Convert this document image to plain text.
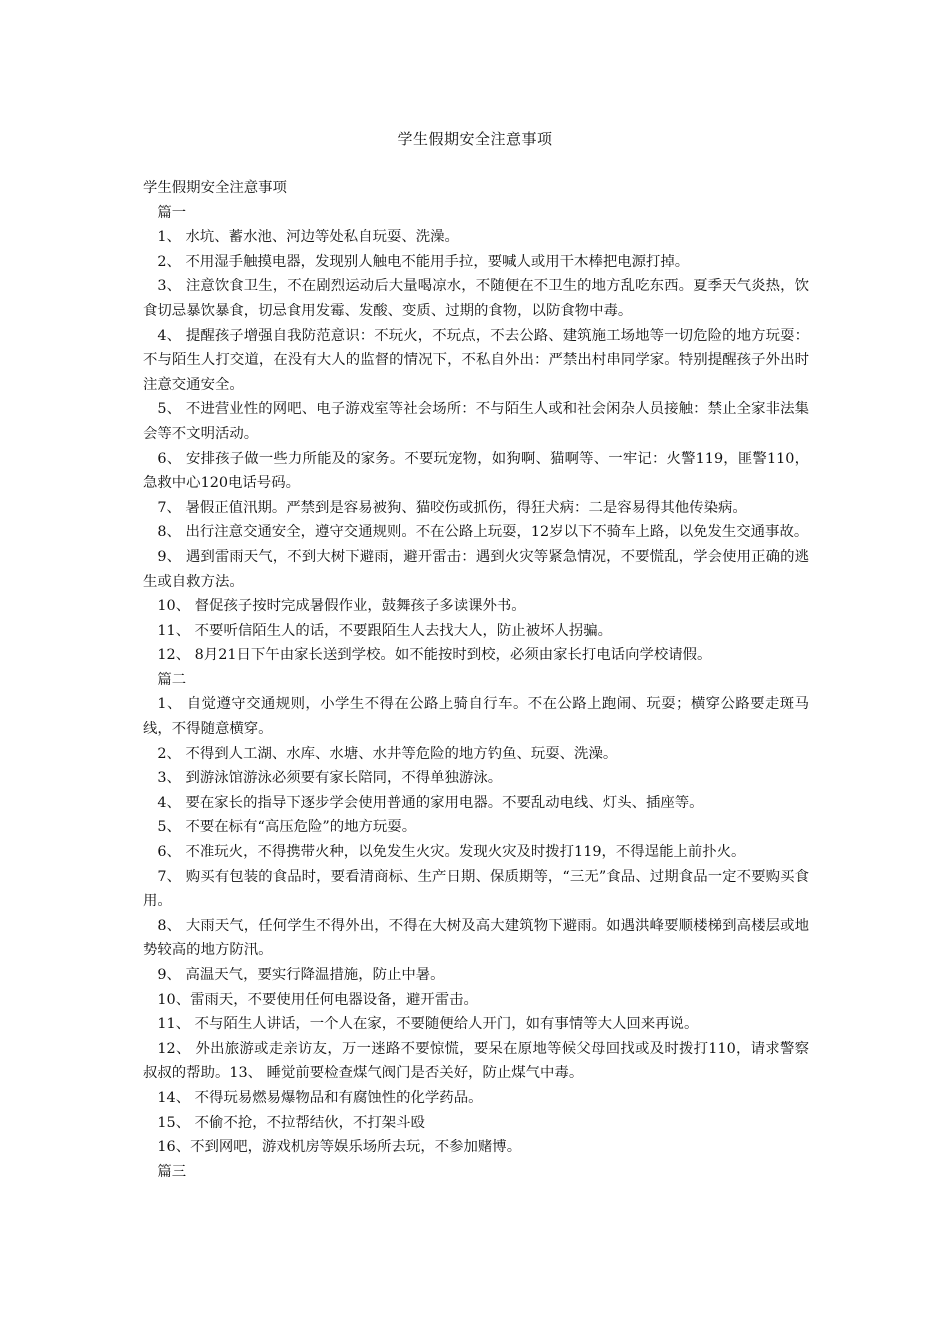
学生假期安全注意事项

学生假期安全注意事项

篇一

1、 水坑、蓄水池、河边等处私自玩耍、洗澡。

2、 不用湿手触摸电器，发现别人触电不能用手拉，要喊人或用干木棒把电源打掉。

3、 注意饮食卫生，不在剧烈运动后大量喝凉水，不随便在不卫生的地方乱吃东西。夏季天气炎热，饮食切忌暴饮暴食，切忌食用发霉、发酸、变质、过期的食物，以防食物中毒。

4、 提醒孩子增强自我防范意识：不玩火，不玩点，不去公路、建筑施工场地等一切危险的地方玩耍：不与陌生人打交道，在没有大人的监督的情况下，不私自外出：严禁出村串同学家。特别提醒孩子外出时注意交通安全。

5、 不进营业性的网吧、电子游戏室等社会场所：不与陌生人或和社会闲杂人员接触：禁止全家非法集会等不文明活动。

6、 安排孩子做一些力所能及的家务。不要玩宠物，如狗啊、猫啊等、一牢记：火警119，匪警110，急救中心120电话号码。

7、 暑假正值汛期。严禁到是容易被狗、猫咬伤或抓伤，得狂犬病：二是容易得其他传染病。

8、 出行注意交通安全，遵守交通规则。不在公路上玩耍，12岁以下不骑车上路，以免发生交通事故。

9、 遇到雷雨天气，不到大树下避雨，避开雷击：遇到火灾等紧急情况，不要慌乱，学会使用正确的逃生或自救方法。

10、 督促孩子按时完成暑假作业，鼓舞孩子多读课外书。

11、 不要听信陌生人的话，不要跟陌生人去找大人，防止被坏人拐骗。

12、 8月21日下午由家长送到学校。如不能按时到校，必须由家长打电话向学校请假。

篇二

1、 自觉遵守交通规则，小学生不得在公路上骑自行车。不在公路上跑闹、玩耍；横穿公路要走斑马线，不得随意横穿。

2、 不得到人工湖、水库、水塘、水井等危险的地方钓鱼、玩耍、洗澡。

3、 到游泳馆游泳必须要有家长陪同，不得单独游泳。

4、 要在家长的指导下逐步学会使用普通的家用电器。不要乱动电线、灯头、插座等。

5、 不要在标有“高压危险”的地方玩耍。

6、 不准玩火，不得携带火种，以免发生火灾。发现火灾及时拨打119，不得逞能上前扑火。

7、 购买有包装的食品时，要看清商标、生产日期、保质期等，“三无”食品、过期食品一定不要购买食用。

8、 大雨天气，任何学生不得外出，不得在大树及高大建筑物下避雨。如遇洪峰要顺楼梯到高楼层或地势较高的地方防汛。

9、 高温天气，要实行降温措施，防止中暑。

10、雷雨天，不要使用任何电器设备，避开雷击。

11、 不与陌生人讲话，一个人在家，不要随便给人开门，如有事情等大人回来再说。

12、 外出旅游或走亲访友，万一迷路不要惊慌，要呆在原地等候父母回找或及时拨打110，请求警察叔叔的帮助。13、 睡觉前要检查煤气阀门是否关好，防止煤气中毒。

14、 不得玩易燃易爆物品和有腐蚀性的化学药品。

15、 不偷不抢，不拉帮结伙，不打架斗殴

16、不到网吧，游戏机房等娱乐场所去玩，不参加赌博。

篇三
